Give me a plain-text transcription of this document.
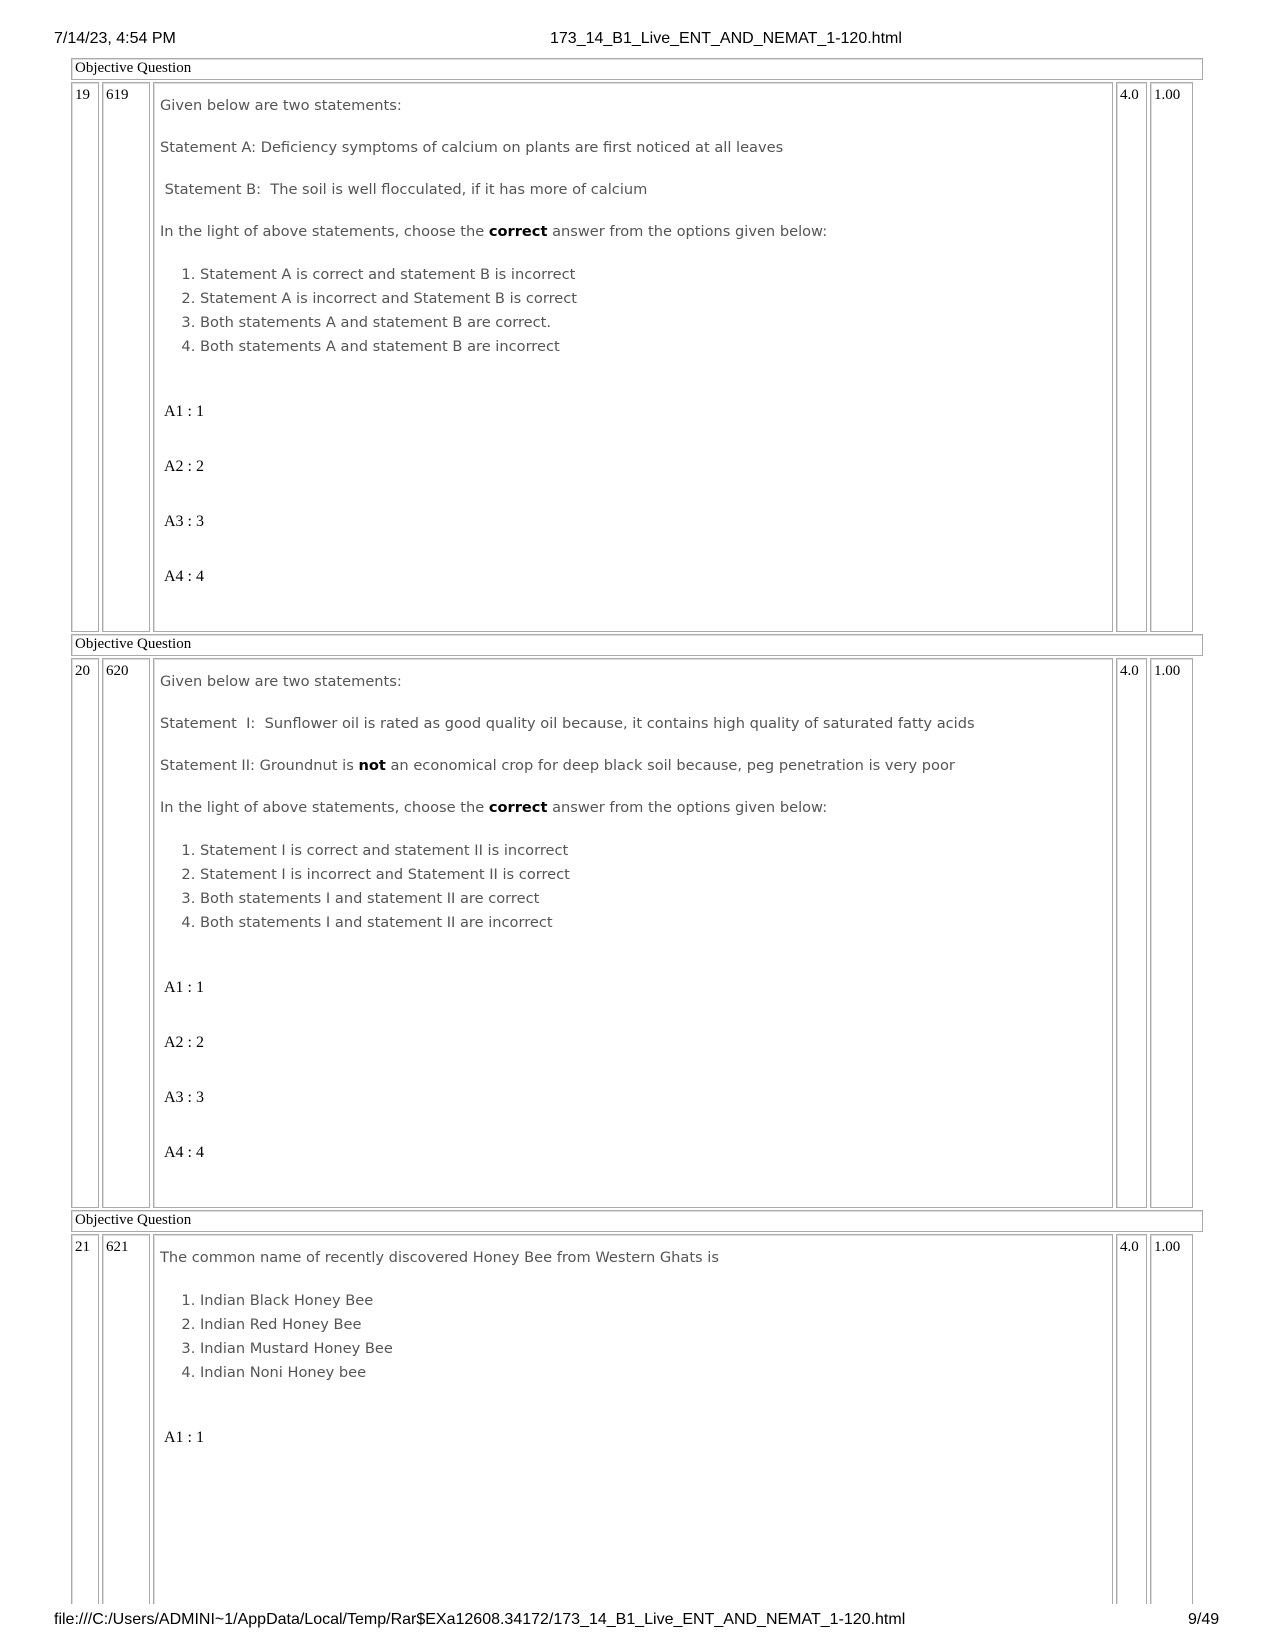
7/14/23, 4:54 PM	173_14_B1_Live_ENT_AND_NEMAT_1-120.html
Objective Question
19	619

Given below are two statements:

Statement A: Deficiency symptoms of calcium on plants are first noticed at all leaves

Statement B:  The soil is well flocculated, if it has more of calcium

In the light of above statements, choose the correct answer from the options given below:

1. Statement A is correct and statement B is incorrect
2. Statement A is incorrect and Statement B is correct
3. Both statements A and statement B are correct.
4. Both statements A and statement B are incorrect
A1 : 1
A2 : 2
A3 : 3
A4 : 4
4.0	1.00
Objective Question
20	620

Given below are two statements:

Statement  I:  Sunflower oil is rated as good quality oil because, it contains high quality of saturated fatty acids

Statement II: Groundnut is not an economical crop for deep black soil because, peg penetration is very poor

In the light of above statements, choose the correct answer from the options given below:

1. Statement I is correct and statement II is incorrect
2. Statement I is incorrect and Statement II is correct
3. Both statements I and statement II are correct
4. Both statements I and statement II are incorrect
A1 : 1
A2 : 2
A3 : 3
A4 : 4
4.0	1.00
Objective Question
21	621

The common name of recently discovered Honey Bee from Western Ghats is

1. Indian Black Honey Bee
2. Indian Red Honey Bee
3. Indian Mustard Honey Bee
4. Indian Noni Honey bee
A1 : 1
4.0	1.00
file:///C:/Users/ADMINI~1/AppData/Local/Temp/Rar$EXa12608.34172/173_14_B1_Live_ENT_AND_NEMAT_1-120.html	9/49
